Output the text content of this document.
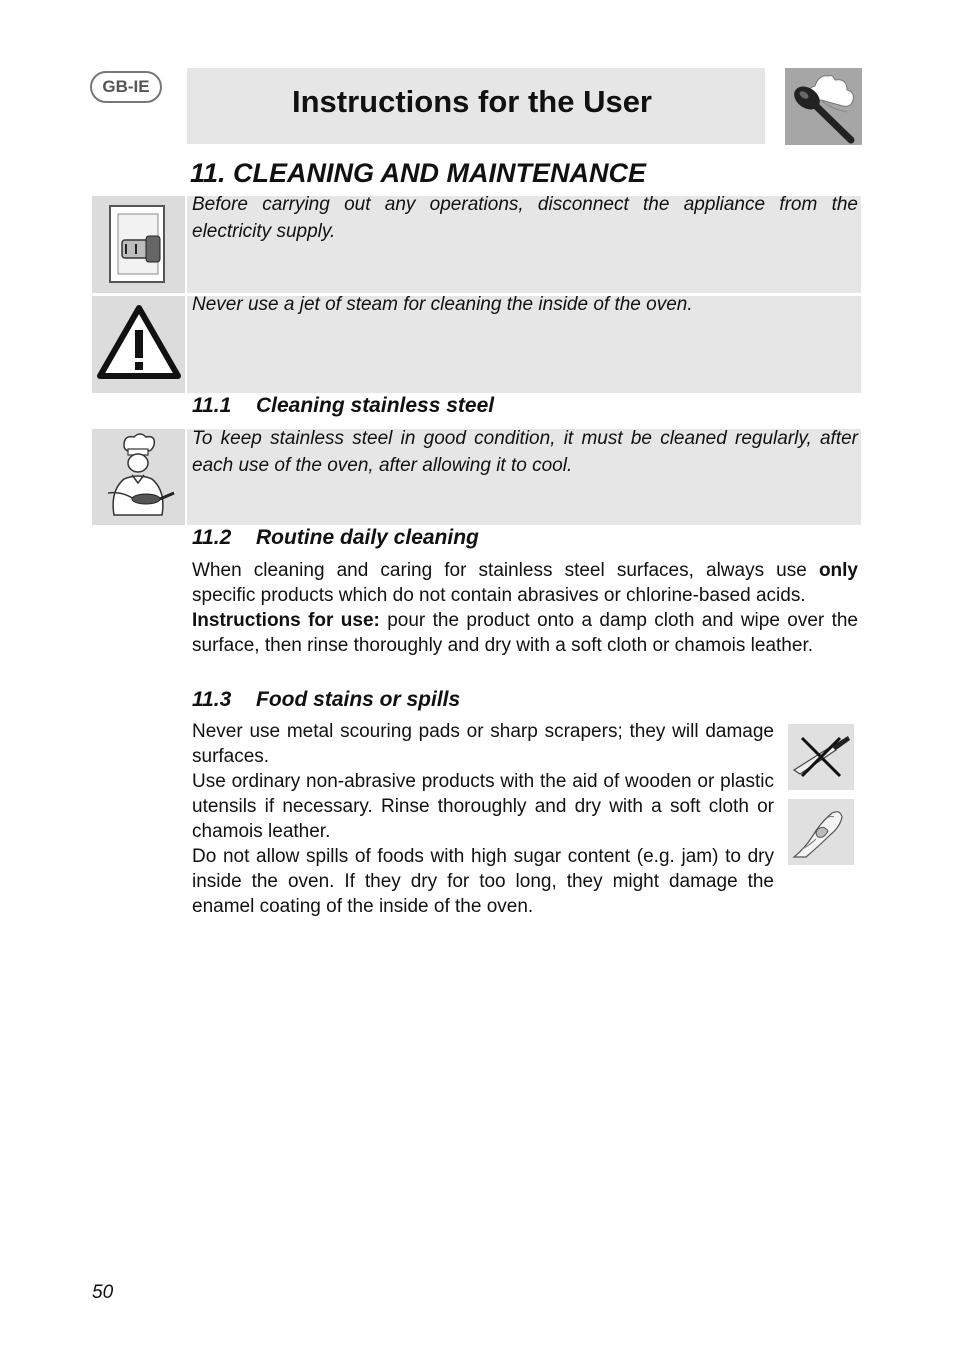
GB-IE	Instructions for the User
11. CLEANING AND MAINTENANCE
Before carrying out any operations, disconnect the appliance from the electricity supply.
Never use a jet of steam for cleaning the inside of the oven.
11.1 Cleaning stainless steel
To keep stainless steel in good condition, it must be cleaned regularly, after each use of the oven, after allowing it to cool.
11.2 Routine daily cleaning

When cleaning and caring for stainless steel surfaces, always use only specific products which do not contain abrasives or chlorine-based acids.

Instructions for use: pour the product onto a damp cloth and wipe over the surface, then rinse thoroughly and dry with a soft cloth or chamois leather.

11.3 Food stains or spills

Never use metal scouring pads or sharp scrapers; they will damage surfaces.

Use ordinary non-abrasive products with the aid of wooden or plastic utensils if necessary. Rinse thoroughly and dry with a soft cloth or chamois leather.

Do not allow spills of foods with high sugar content (e.g. jam) to dry inside the oven. If they dry for too long, they might damage the enamel coating of the inside of the oven.

50
